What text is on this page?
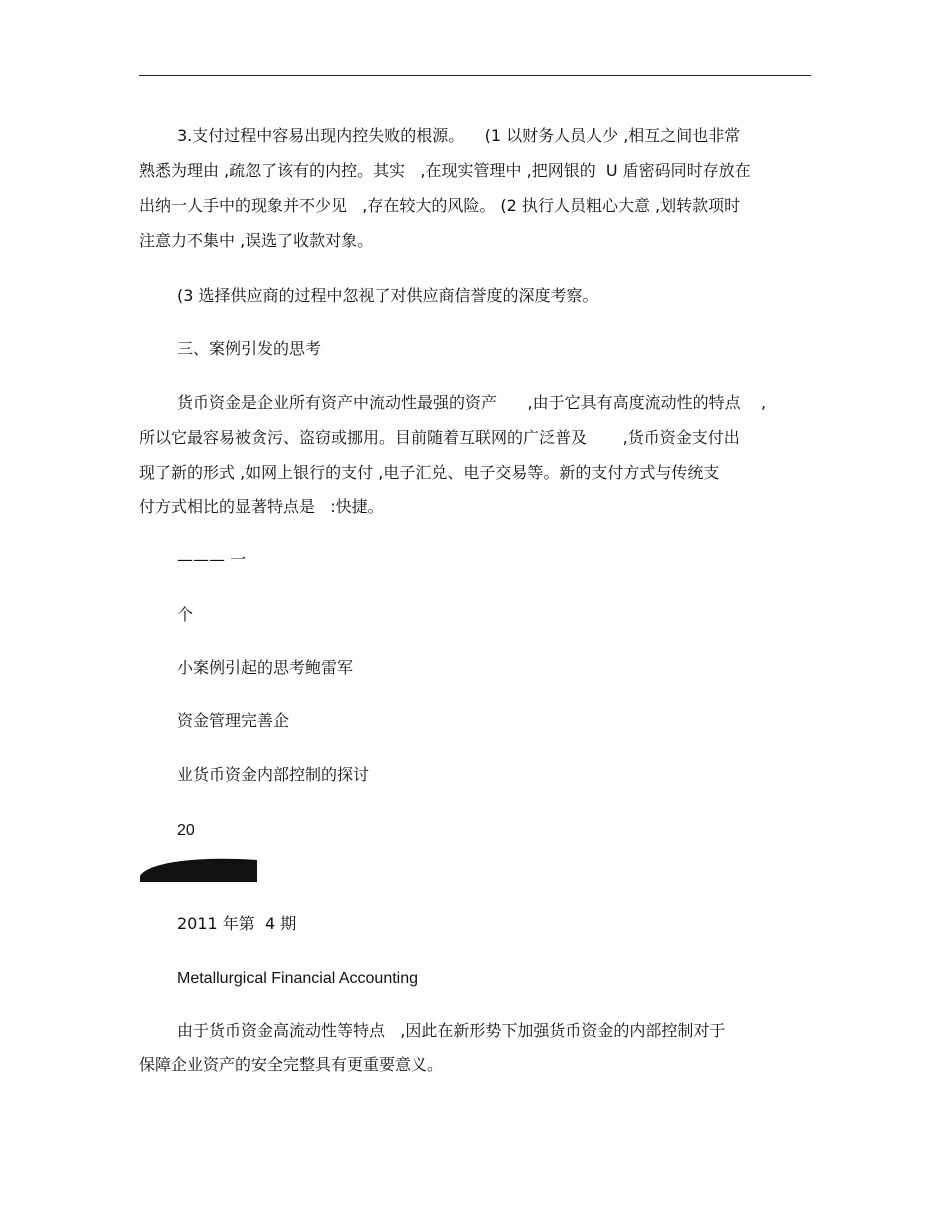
3.支付过程中容易出现内控失败的根源。    (1 以财务人员人少 ,相互之间也非常
熟悉为理由 ,疏忽了该有的内控。其实   ,在现实管理中 ,把网银的  U 盾密码同时存放在
出纳一人手中的现象并不少见   ,存在较大的风险。 (2 执行人员粗心大意 ,划转款项时
注意力不集中 ,误选了收款对象。
(3 选择供应商的过程中忽视了对供应商信誉度的深度考察。
三、案例引发的思考
货币资金是企业所有资产中流动性最强的资产      ,由于它具有高度流动性的特点    ,
所以它最容易被贪污、盗窃或挪用。目前随着互联网的广泛普及       ,货币资金支付出
现了新的形式 ,如网上银行的支付 ,电子汇兑、电子交易等。新的支付方式与传统支
付方式相比的显著特点是   :快捷。
——— 一
个
小案例引起的思考鲍雷军
资金管理完善企
业货币资金内部控制的探讨
20
2011 年第  4 期
Metallurgical Financial Accounting
由于货币资金高流动性等特点   ,因此在新形势下加强货币资金的内部控制对于
保障企业资产的安全完整具有更重要意义。
